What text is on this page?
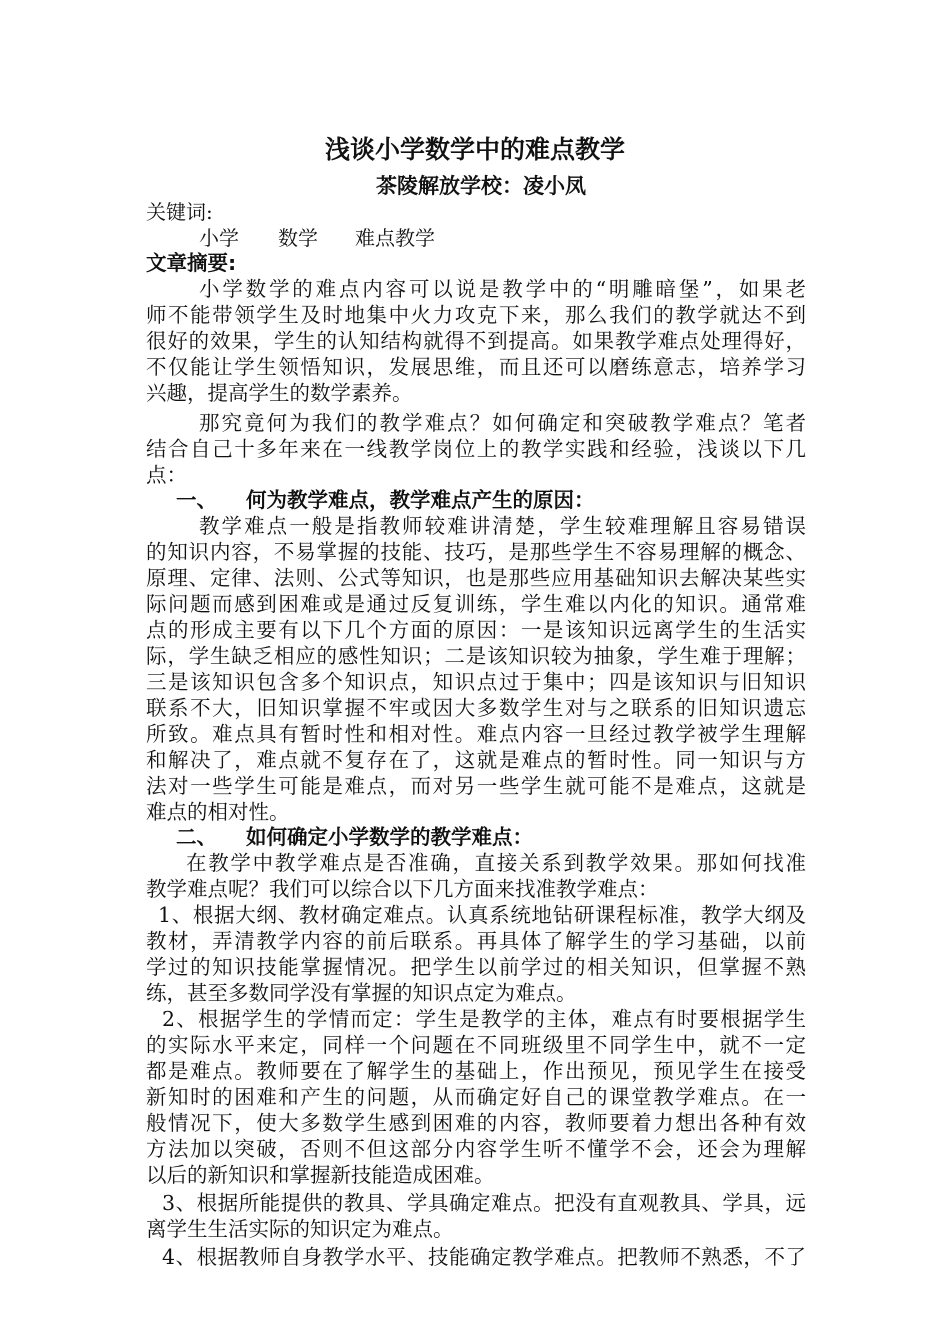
浅谈小学数学中的难点教学
茶陵解放学校：凌小凤
关键词:
小学 数学 难点教学
文章摘要:
小学数学的难点内容可以说是教学中的“明雕暗堡”，如果老
师不能带领学生及时地集中火力攻克下来，那么我们的教学就达不到
很好的效果，学生的认知结构就得不到提高。如果教学难点处理得好，
不仅能让学生领悟知识，发展思维，而且还可以磨练意志，培养学习
兴趣，提高学生的数学素养。
那究竟何为我们的教学难点？如何确定和突破教学难点？笔者
结合自己十多年来在一线教学岗位上的教学实践和经验，浅谈以下几
点：
一、 何为教学难点，教学难点产生的原因：
教学难点一般是指教师较难讲清楚，学生较难理解且容易错误
的知识内容，不易掌握的技能、技巧，是那些学生不容易理解的概念、
原理、定律、法则、公式等知识，也是那些应用基础知识去解决某些实
际问题而感到困难或是通过反复训练，学生难以内化的知识。通常难
点的形成主要有以下几个方面的原因：一是该知识远离学生的生活实
际，学生缺乏相应的感性知识；二是该知识较为抽象，学生难于理解；
三是该知识包含多个知识点，知识点过于集中；四是该知识与旧知识
联系不大，旧知识掌握不牢或因大多数学生对与之联系的旧知识遗忘
所致。难点具有暂时性和相对性。难点内容一旦经过教学被学生理解
和解决了，难点就不复存在了，这就是难点的暂时性。同一知识与方
法对一些学生可能是难点，而对另一些学生就可能不是难点，这就是
难点的相对性。
二、 如何确定小学数学的教学难点：
在教学中教学难点是否准确，直接关系到教学效果。那如何找准
教学难点呢？我们可以综合以下几方面来找准教学难点：
1、根据大纲、教材确定难点。认真系统地钻研课程标准，教学大纲及
教材，弄清教学内容的前后联系。再具体了解学生的学习基础，以前
学过的知识技能掌握情况。把学生以前学过的相关知识，但掌握不熟
练，甚至多数同学没有掌握的知识点定为难点。
2、根据学生的学情而定：学生是教学的主体，难点有时要根据学生
的实际水平来定，同样一个问题在不同班级里不同学生中，就不一定
都是难点。教师要在了解学生的基础上，作出预见，预见学生在接受
新知时的困难和产生的问题，从而确定好自己的课堂教学难点。在一
般情况下，使大多数学生感到困难的内容，教师要着力想出各种有效
方法加以突破，否则不但这部分内容学生听不懂学不会，还会为理解
以后的新知识和掌握新技能造成困难。
3、根据所能提供的教具、学具确定难点。把没有直观教具、学具，远
离学生生活实际的知识定为难点。
4、根据教师自身教学水平、技能确定教学难点。把教师不熟悉，不了
